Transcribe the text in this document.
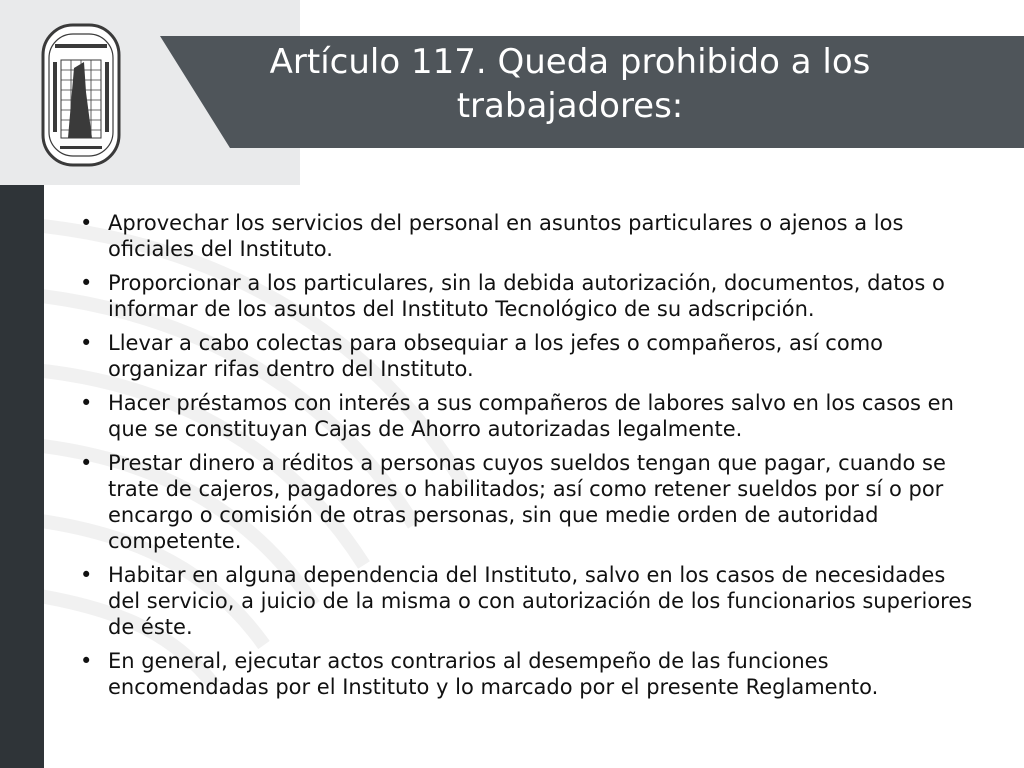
Artículo 117. Queda prohibido a los trabajadores:
• Aprovechar los servicios del personal en asuntos particulares o ajenos a los oficiales del Instituto.
• Proporcionar a los particulares, sin la debida autorización, documentos, datos o informar de los asuntos del Instituto Tecnológico de su adscripción.
• Llevar a cabo colectas para obsequiar a los jefes o compañeros, así como organizar rifas dentro del Instituto.
• Hacer préstamos con interés a sus compañeros de labores salvo en los casos en que se constituyan Cajas de Ahorro autorizadas legalmente.
• Prestar dinero a réditos a personas cuyos sueldos tengan que pagar, cuando se trate de cajeros, pagadores o habilitados; así como retener sueldos por sí o por encargo o comisión de otras personas, sin que medie orden de autoridad competente.
• Habitar en alguna dependencia del Instituto, salvo en los casos de necesidades del servicio, a juicio de la misma o con autorización de los funcionarios superiores de éste.
• En general, ejecutar actos contrarios al desempeño de las funciones encomendadas por el Instituto y lo marcado por el presente Reglamento.
